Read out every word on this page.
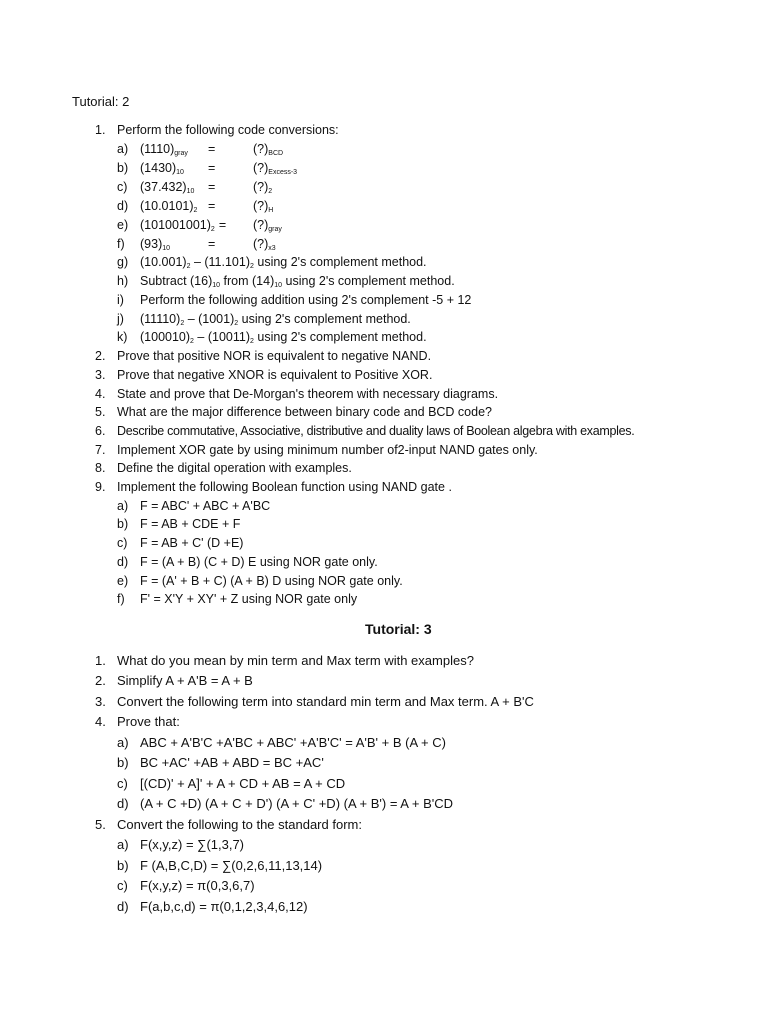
Tutorial: 2
1. Perform the following code conversions:
a) $(1110)_{gray}$ =	$(?)_{BCD}$
b) $(1430)_{10}$ =	$(?)_{Excess-3}$
c) $(37.432)_{10}$ =	$(?)_2$
d) $(10.0101)_2$ =	$(?)_H$
e) $(101001001)_2$ = $(?)_{gray}$
f) $(93)_{10}$	=	$(?)_{x3}$
g) $(10.001)_2 - (11.101)_2$ using 2's complement method.
h) Subtract $(16)_{10}$ from $(14)_{10}$ using 2's complement method.
i) Perform the following addition using 2's complement -5 + 12
j) $(11110)_2 - (1001)_2$ using 2's complement method.
k) $(100010)_2 - (10011)_2$ using 2's complement method.
2. Prove that positive NOR is equivalent to negative NAND.
3. Prove that negative XNOR is equivalent to Positive XOR.
4. State and prove that De-Morgan's theorem with necessary diagrams.
5. What are the major difference between binary code and BCD code?
6. Describe commutative, Associative, distributive and duality laws of Boolean algebra with examples.
7. Implement XOR gate by using minimum number of2-input NAND gates only.
8. Define the digital operation with examples.
9. Implement the following Boolean function using NAND gate .
a) F = ABC' + ABC + A'BC
b) F = AB + CDE + F
c) F = AB + C' (D +E)
d) F = (A + B) (C + D) E using NOR gate only.
e) F = (A' + B + C) (A + B) D using NOR gate only.
f) F' = X'Y + XY' + Z using NOR gate only
Tutorial: 3
1. What do you mean by min term and Max term with examples?
2. Simplify A + A'B = A + B
3. Convert the following term into standard min term and Max term. A + B'C
4. Prove that:
a) ABC + A'B'C +A'BC + ABC' +A'B'C' = A'B' + B (A + C)
b) BC +AC' +AB + ABD = BC +AC'
c) [(CD)' + A]' + A + CD + AB = A + CD
d) (A + C +D) (A + C + D') (A + C' +D) (A + B') = A + B'CD
5. Convert the following to the standard form:
a) F(x,y,z) = ∑(1,3,7)
b) F (A,B,C,D) = ∑(0,2,6,11,13,14)
c) F(x,y,z) = π(0,3,6,7)
d) F(a,b,c,d) = π(0,1,2,3,4,6,12)
